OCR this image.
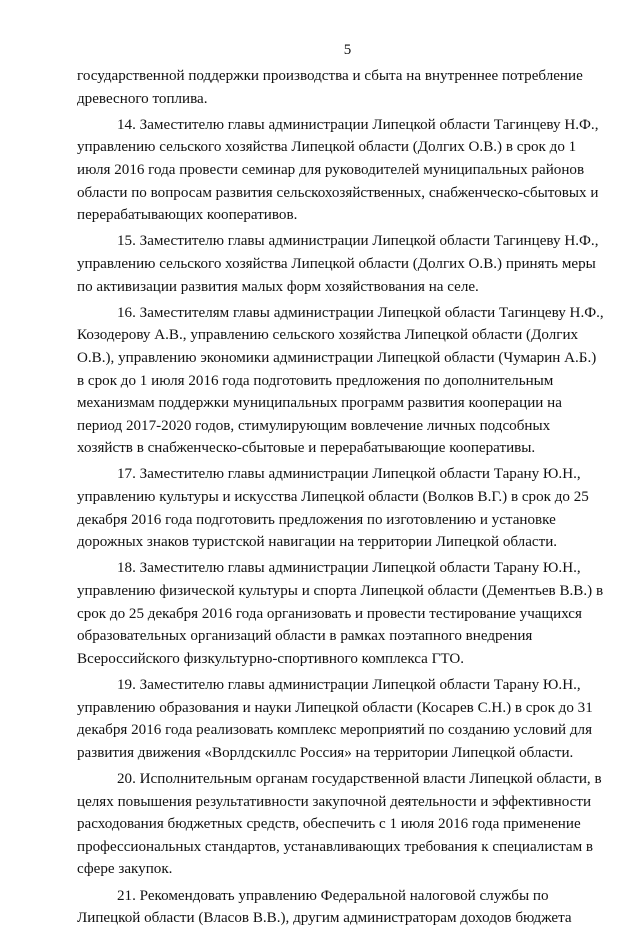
5

государственной поддержки производства и сбыта на внутреннее потребление
древесного топлива.

14. Заместителю главы администрации Липецкой области Тагинцеву Н.Ф.,
управлению сельского хозяйства Липецкой области (Долгих О.В.) в срок до 1
июля 2016 года провести семинар для руководителей муниципальных районов
области по вопросам развития сельскохозяйственных, снабженческо-сбытовых и
перерабатывающих кооперативов.

15. Заместителю главы администрации Липецкой области Тагинцеву Н.Ф.,
управлению сельского хозяйства Липецкой области (Долгих О.В.) принять меры
по активизации развития малых форм хозяйствования на селе.

16. Заместителям главы администрации Липецкой области Тагинцеву Н.Ф.,
Козодерову А.В., управлению сельского хозяйства Липецкой области (Долгих
О.В.), управлению экономики администрации Липецкой области (Чумарин А.Б.)
в срок до 1 июля 2016 года подготовить предложения по дополнительным
механизмам поддержки муниципальных программ развития кооперации на
период 2017-2020 годов, стимулирующим вовлечение личных подсобных
хозяйств в снабженческо-сбытовые и перерабатывающие кооперативы.

17. Заместителю главы администрации Липецкой области Тарану Ю.Н.,
управлению культуры и искусства Липецкой области (Волков В.Г.) в срок до 25
декабря 2016 года подготовить предложения по изготовлению и установке
дорожных знаков туристской навигации на территории Липецкой области.

18. Заместителю главы администрации Липецкой области Тарану Ю.Н.,
управлению физической культуры и спорта Липецкой области (Дементьев В.В.) в
срок до 25 декабря 2016 года организовать и провести тестирование учащихся
образовательных организаций области в рамках поэтапного внедрения
Всероссийского физкультурно-спортивного комплекса ГТО.

19. Заместителю главы администрации Липецкой области Тарану Ю.Н.,
управлению образования и науки Липецкой области (Косарев С.Н.) в срок до 31
декабря 2016 года реализовать комплекс мероприятий по созданию условий для
развития движения «Ворлдскиллс Россия» на территории Липецкой области.

20. Исполнительным органам государственной власти Липецкой области, в
целях повышения результативности закупочной деятельности и эффективности
расходования бюджетных средств, обеспечить с 1 июля 2016 года применение
профессиональных стандартов, устанавливающих требования к специалистам в
сфере закупок.

21. Рекомендовать управлению Федеральной налоговой службы по
Липецкой области (Власов В.В.), другим администраторам доходов бюджета
